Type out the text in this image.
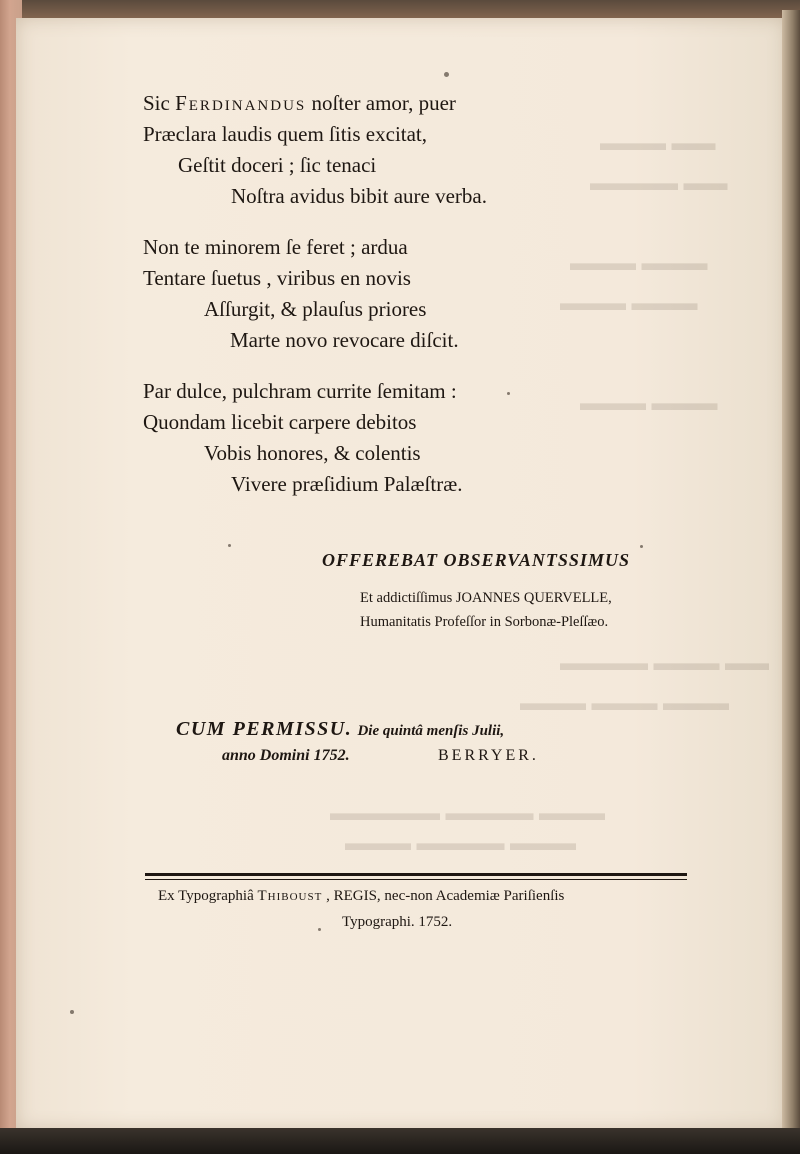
▬▬▬ ▬▬
▬▬▬▬ ▬▬
▬▬▬ ▬▬▬
▬▬▬ ▬▬▬
▬▬▬ ▬▬▬
▬▬▬▬ ▬▬▬ ▬▬
▬▬▬ ▬▬▬ ▬▬▬
▬▬▬▬▬ ▬▬▬▬ ▬▬▬
▬▬▬ ▬▬▬▬ ▬▬▬
Sic Ferdinandus noſter amor, puer
Præclara laudis quem ſitis excitat,
Geſtit doceri ; ſic tenaci
Noſtra avidus bibit aure verba.
Non te minorem ſe feret ; ardua
Tentare ſuetus , viribus en novis
Aſſurgit, & plauſus priores
Marte novo revocare diſcit.
Par dulce, pulchram currite ſemitam :
Quondam licebit carpere debitos
Vobis honores, & colentis
Vivere præſidium Palæſtræ.
OFFEREBAT OBSERVANTSSIMUS
Et addictiſſimus JOANNES QUERVELLE,
Humanitatis Profeſſor in Sorbonæ-Pleſſæo.
CUM PERMISSU. Die quintâ menſis Julii,
anno Domini 1752.	BERRYER.
Ex Typographiâ Thiboust , REGIS, nec-non Academiæ Pariſienſis
Typographi. 1752.
